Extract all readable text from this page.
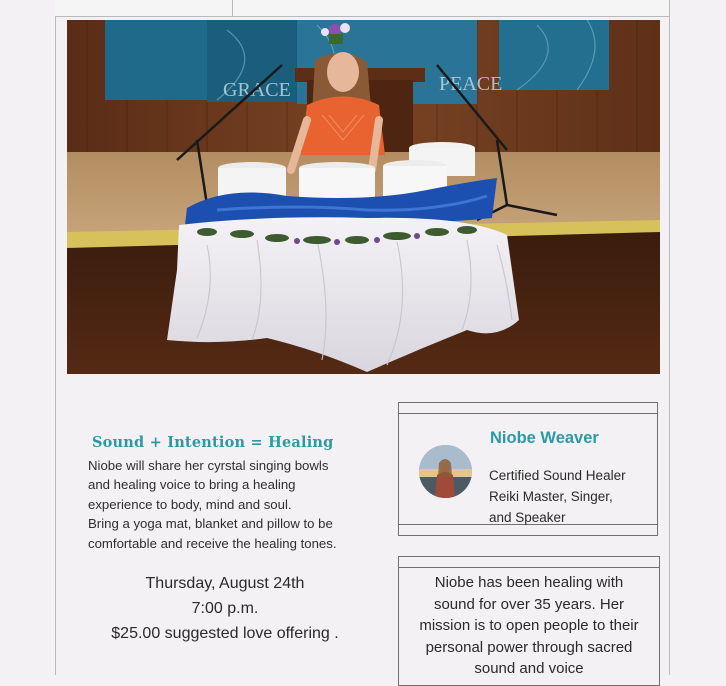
GRACE	PEACE
Sound + Intention = Healing

Niobe will share her cyrstal singing bowls

and healing voice to bring a healing

experience to body, mind and soul.

Bring a yoga mat, blanket and pillow to be

comfortable and receive the healing tones.

Thursday, August 24th
7:00 p.m.
$25.00 suggested love offering .
Niobe Weaver
Certified Sound Healer
Reiki Master, Singer,
and Speaker
Niobe has been healing with
sound for over 35 years. Her
mission is to open people to their
personal power through sacred
sound and voice
